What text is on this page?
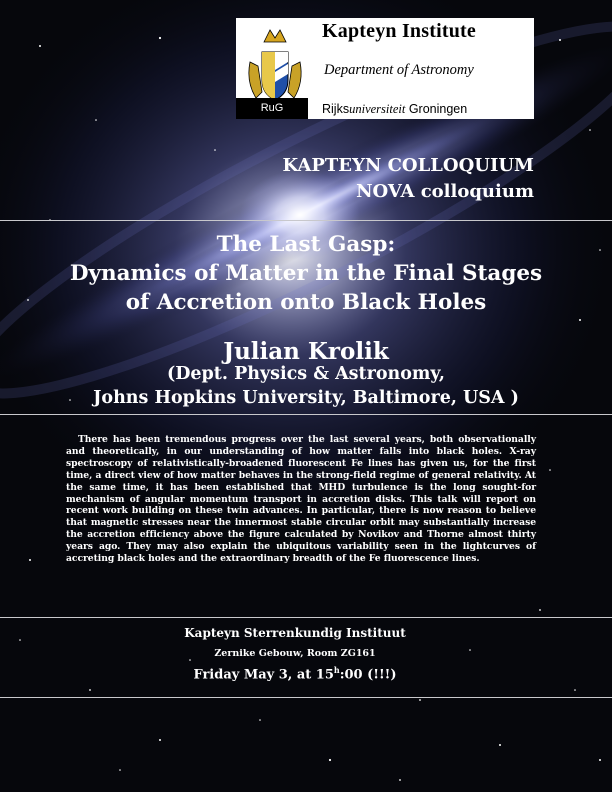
RuG
Kapteyn Institute
Department of Astronomy
Rijksuniversiteit Groningen
KAPTEYN COLLOQUIUM
NOVA colloquium
The Last Gasp:
Dynamics of Matter in the Final Stages
of Accretion onto Black Holes
Julian Krolik
(Dept. Physics & Astronomy,
Johns Hopkins University, Baltimore, USA )
There has been tremendous progress over the last several years, both observationally and theoretically, in our understanding of how matter falls into black holes. X-ray spectroscopy of relativistically-broadened fluorescent Fe lines has given us, for the first time, a direct view of how matter behaves in the strong-field regime of general relativity. At the same time, it has been established that MHD turbulence is the long sought-for mechanism of angular momentum transport in accretion disks. This talk will report on recent work building on these twin advances. In particular, there is now reason to believe that magnetic stresses near the innermost stable circular orbit may substantially increase the accretion efficiency above the figure calculated by Novikov and Thorne almost thirty years ago. They may also explain the ubiquitous variability seen in the lightcurves of accreting black holes and the extraordinary breadth of the Fe fluorescence lines.
Kapteyn Sterrenkundig Instituut
Zernike Gebouw, Room ZG161
Friday May 3, at 15$^h$:00 (!!!)
